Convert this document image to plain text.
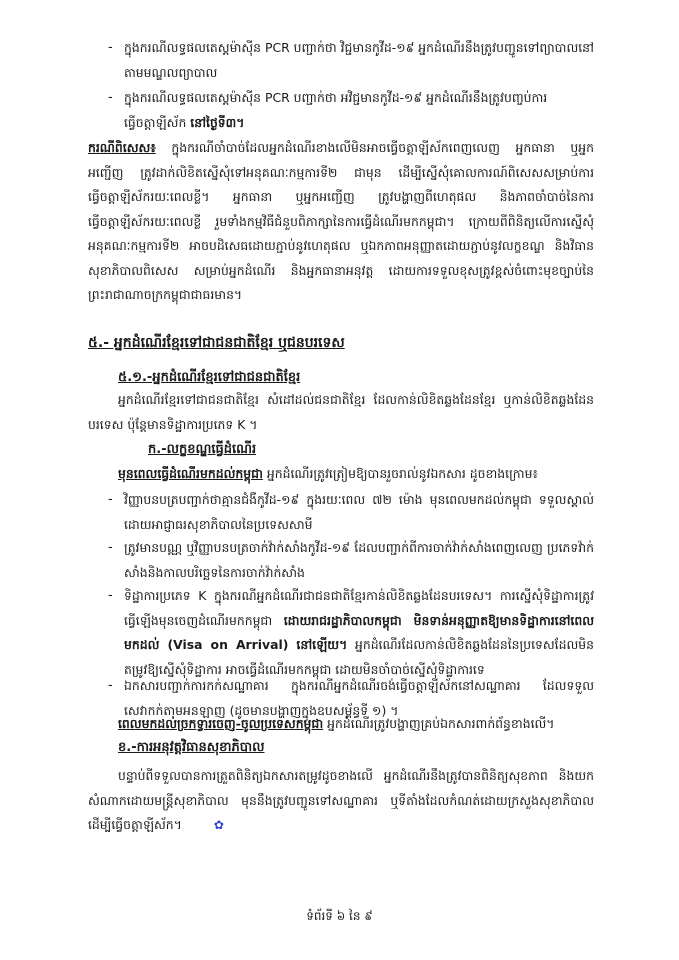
- ក្នុងករណីលទ្ធផលតេស្តម៉ាស៊ីន PCR បញ្ជាក់ថា វិជ្ជមានកូវីដ-១៩ អ្នកដំណើរនឹងត្រូវបញ្ជូនទៅព្យាបាលនៅតាមមណ្ឌលព្យាបាល

- ក្នុងករណីលទ្ធផលតេស្តម៉ាស៊ីន PCR បញ្ជាក់ថា អវិជ្ជមានកូវីដ-១៩ អ្នកដំណើរនឹងត្រូវបញ្ចប់ការធ្វើចត្តាឡីស័ក នៅថ្ងៃទី៣។

ករណីពិសេស៖ ក្នុងករណីចាំបាច់ដែលអ្នកដំណើរខាងលើមិនអាចធ្វើចត្តាឡីស័កពេញលេញ អ្នកធានា ឬអ្នកអញ្ជើញ ត្រូវដាក់លិខិតស្នើសុំទៅអនុគណៈកម្មការទី២ ជាមុន ដើម្បីស្នើសុំគោលការណ៍ពិសេសសម្រាប់ការធ្វើចត្តាឡីស័ករយៈពេលខ្លី។ អ្នកធានា ឬអ្នកអញ្ជើញ ត្រូវបង្ហាញពីហេតុផល និងភាពចាំបាច់នៃការធ្វើចត្តាឡីស័ករយៈពេលខ្លី រួមទាំងកម្មវិធីជំនួបពិភាក្សានៃការធ្វើដំណើរមកកម្ពុជា។ ក្រោយពីពិនិត្យលើការស្នើសុំ អនុគណៈកម្មការទី២ អាចបដិសេធដោយភ្ជាប់នូវហេតុផល ឬឯកភាពអនុញ្ញាតដោយភ្ជាប់នូវលក្ខខណ្ឌ និងវិធានសុខាភិបាលពិសេស សម្រាប់អ្នកដំណើរ និងអ្នកធានាអនុវត្ត ដោយការទទួលខុសត្រូវខ្ពស់ចំពោះមុខច្បាប់នៃព្រះរាជាណាចក្រកម្ពុជាជាធរមាន។

៥.- អ្នកដំណើរខ្មែរទៅជាជនជាតិខ្មែរ ឬជនបរទេស
៥.១.-អ្នកដំណើរខ្មែរទៅជាជនជាតិខ្មែរ

អ្នកដំណើរខ្មែរទៅជាជនជាតិខ្មែរ សំដៅដល់ជនជាតិខ្មែរ ដែលកាន់លិខិតឆ្លងដែនខ្មែរ ឬកាន់លិខិតឆ្លងដែនបរទេស ប៉ុន្តែមានទិដ្ឋាការប្រភេទ K ។

ក.-លក្ខខណ្ឌធ្វើដំណើរ

មុនពេលធ្វើដំណើរមកដល់កម្ពុជា អ្នកដំណើរត្រូវត្រៀមឱ្យបានរួចរាល់នូវឯកសារ ដូចខាងក្រោម៖

- វិញ្ញាបនបត្របញ្ជាក់ថាគ្មានជំងឺកូវីដ-១៩ ក្នុងរយៈពេល ៧២ ម៉ោង មុនពេលមកដល់កម្ពុជា ទទួលស្គាល់ដោយអាជ្ញាធរសុខាភិបាលនៃប្រទេសសាមី

- ត្រូវមានបណ្ណ ឬវិញ្ញាបនបត្រចាក់វ៉ាក់សាំងកូវីដ-១៩ ដែលបញ្ជាក់ពីការចាក់វ៉ាក់សាំងពេញលេញ ប្រភេទវ៉ាក់សាំងនិងកាលបរិច្ឆេទនៃការចាក់វ៉ាក់សាំង

- ទិដ្ឋាការប្រភេទ K ក្នុងករណីអ្នកដំណើរជាជនជាតិខ្មែរកាន់លិខិតឆ្លងដែនបរទេស។ ការស្នើសុំទិដ្ឋាការត្រូវធ្វើឡើងមុនចេញដំណើរមកកម្ពុជា ដោយរាជរដ្ឋាភិបាលកម្ពុជា មិនទាន់អនុញ្ញាតឱ្យមានទិដ្ឋាការនៅពេលមកដល់ (Visa on Arrival) នៅឡើយ។ អ្នកដំណើរដែលកាន់លិខិតឆ្លងដែននៃប្រទេសដែលមិនតម្រូវឱ្យស្នើសុំទិដ្ឋាការ អាចធ្វើដំណើរមកកម្ពុជា ដោយមិនចាំបាច់ស្នើសុំទិដ្ឋាការទេ

- ឯកសារបញ្ជាក់ការកក់សណ្ឋាគារ ក្នុងករណីអ្នកដំណើរចង់ធ្វើចត្តាឡីស័កនៅសណ្ឋាគារ ដែលទទួលសេវាកក់តាមអនឡាញ (ដូចមានបង្ហាញក្នុងឧបសម្ព័ន្ធទី ១) ។

ពេលមកដល់ច្រកទ្វារចេញ-ចូលប្រទេសកម្ពុជា អ្នកដំណើរត្រូវបង្ហាញគ្រប់ឯកសារពាក់ព័ន្ធខាងលើ។

ខ.-ការអនុវត្តវិធានសុខាភិបាល

បន្ទាប់ពីទទួលបានការត្រួតពិនិត្យឯកសារតម្រូវដូចខាងលើ អ្នកដំណើរនឹងត្រូវបានពិនិត្យសុខភាព និងយកសំណាកដោយមន្ត្រីសុខាភិបាល មុននឹងត្រូវបញ្ជូនទៅសណ្ឋាគារ ឬទីតាំងដែលកំណត់ដោយក្រសួងសុខាភិបាល ដើម្បីធ្វើចត្តាឡីស័ក។	✿

ទំព័រទី ៦ នៃ ៩
